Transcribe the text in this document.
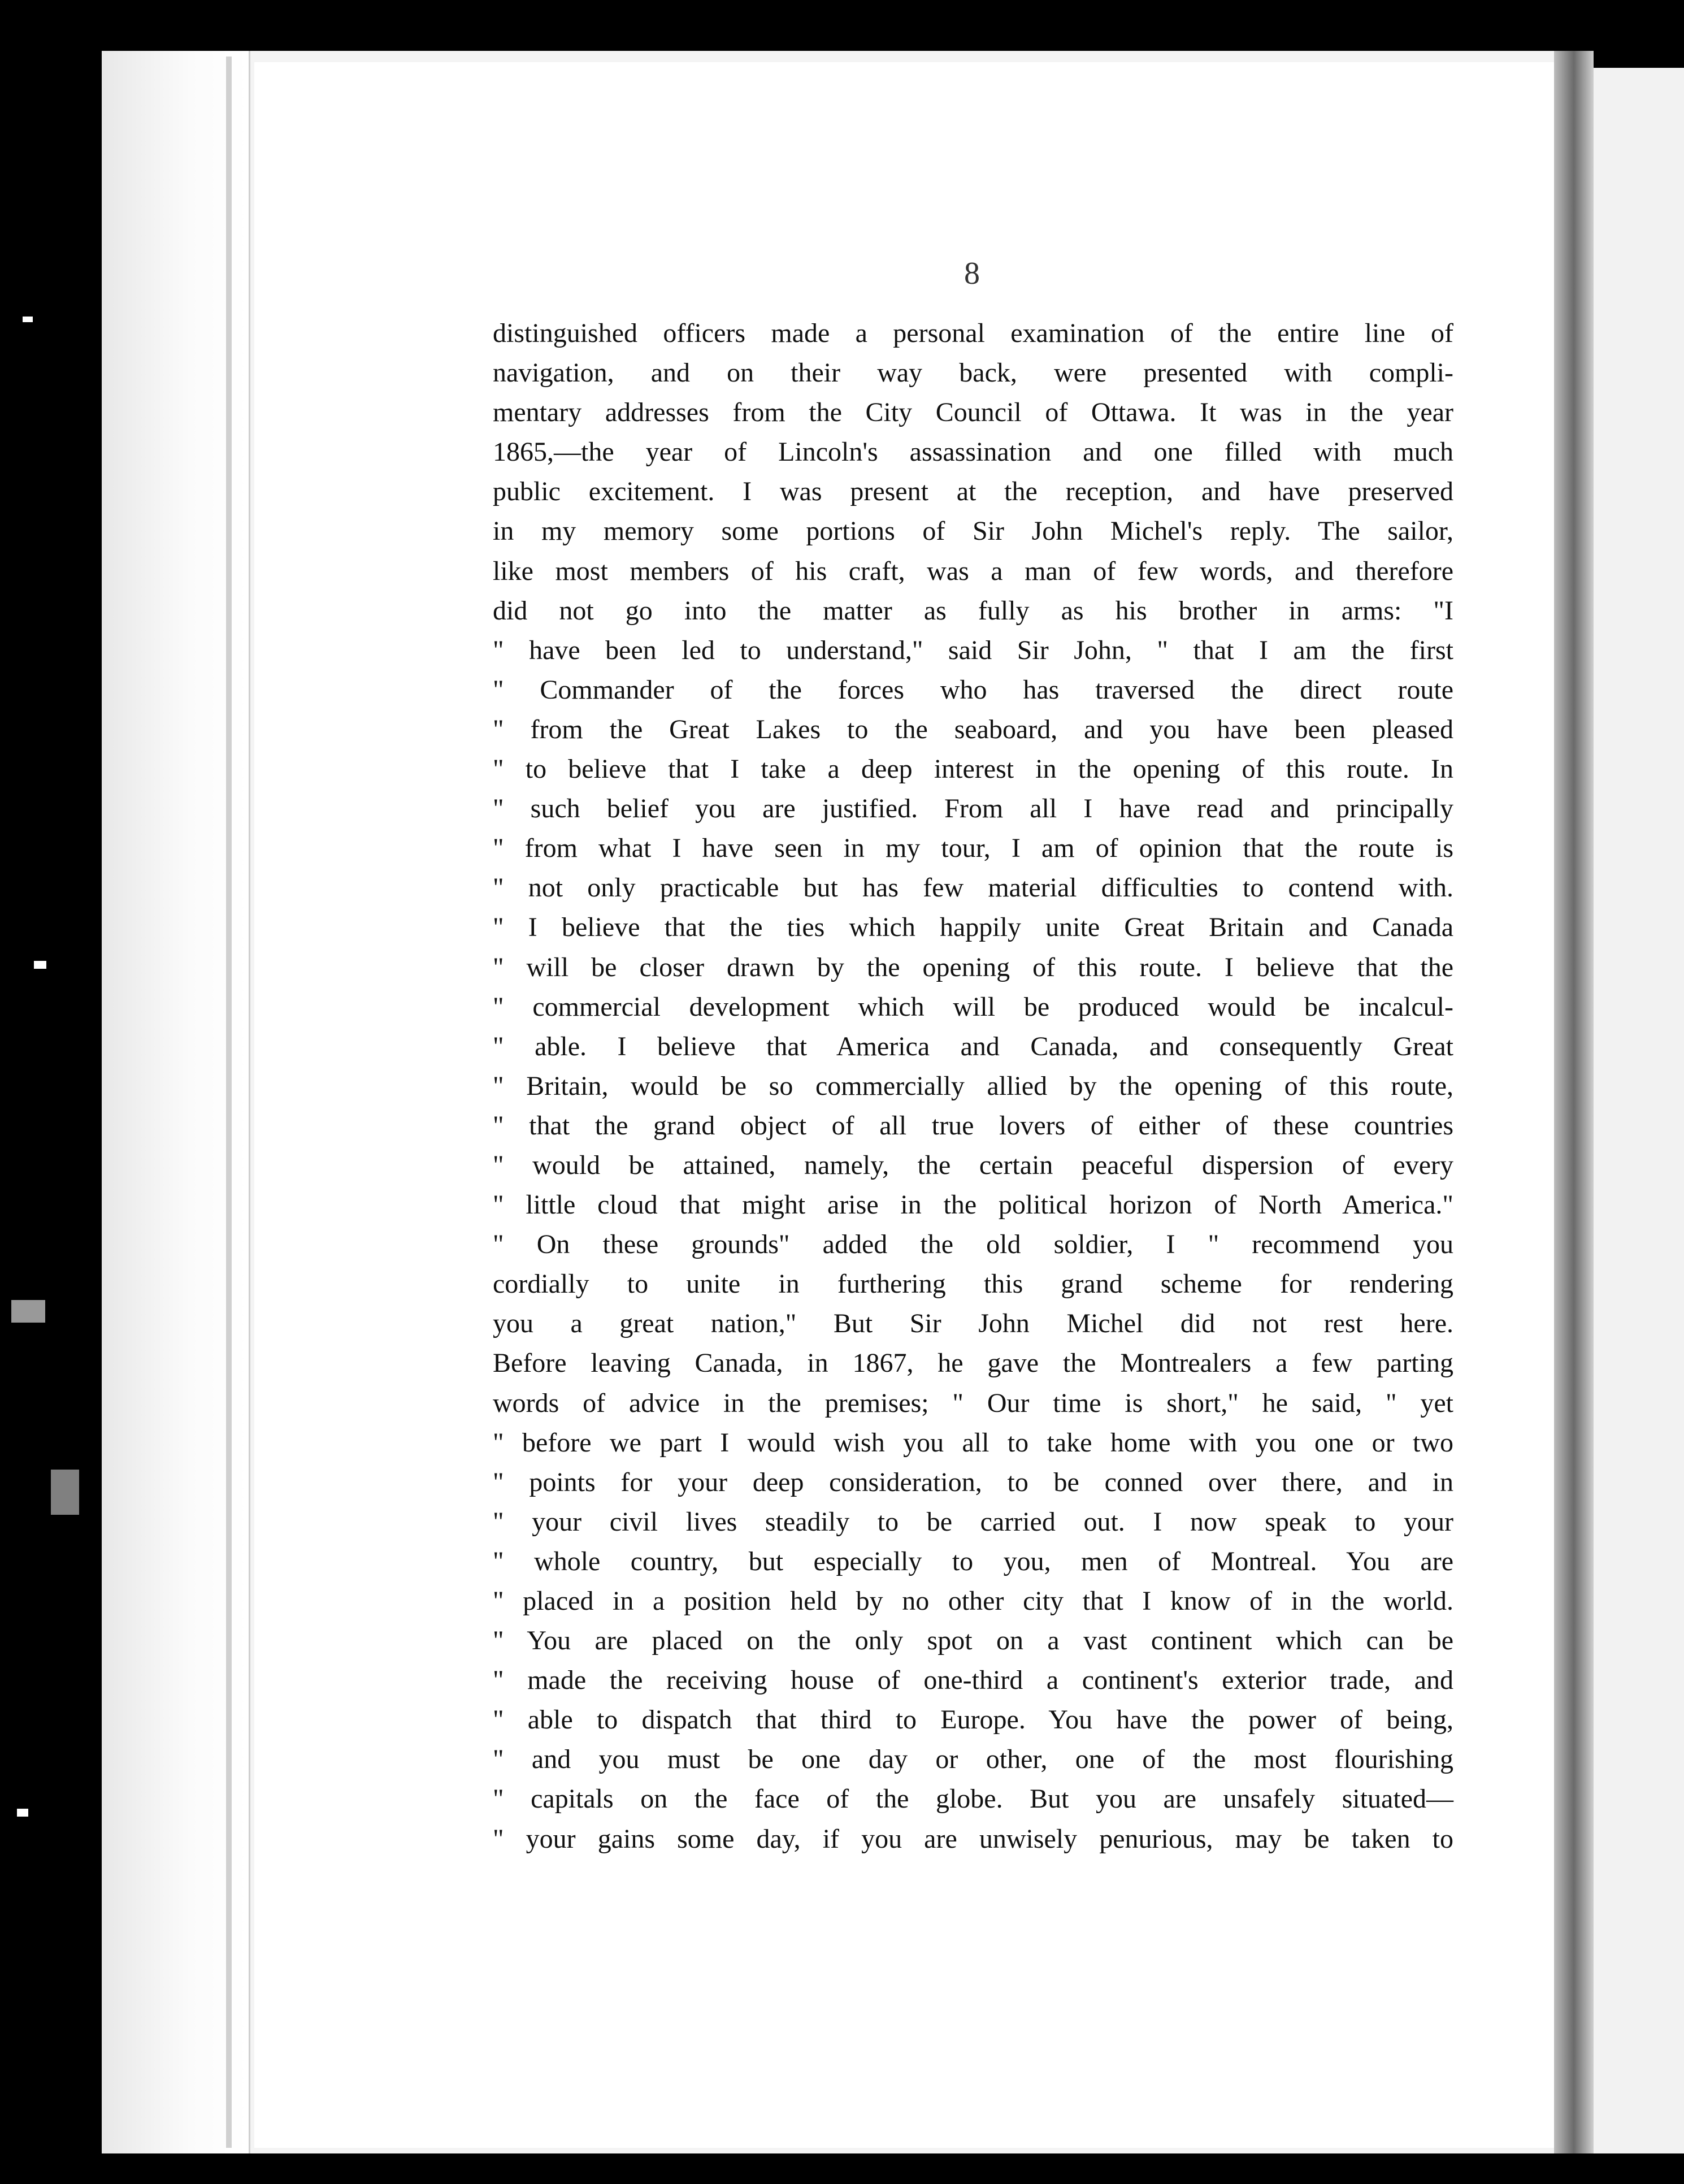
8
distinguished officers made a personal examination of the entire line of
navigation, and on their way back, were presented with compli-
mentary addresses from the City Council of Ottawa. It was in the year
1865,—the year of Lincoln's assassination and one filled with much
public excitement. I was present at the reception, and have preserved
in my memory some portions of Sir John Michel's reply. The sailor,
like most members of his craft, was a man of few words, and therefore
did not go into the matter as fully as his brother in arms: "I
" have been led to understand," said Sir John, " that I am the first
" Commander of the forces who has traversed the direct route
" from the Great Lakes to the seaboard, and you have been pleased
" to believe that I take a deep interest in the opening of this route. In
" such belief you are justified. From all I have read and principally
" from what I have seen in my tour, I am of opinion that the route is
" not only practicable but has few material difficulties to contend with.
" I believe that the ties which happily unite Great Britain and Canada
" will be closer drawn by the opening of this route. I believe that the
" commercial development which will be produced would be incalcul-
" able. I believe that America and Canada, and consequently Great
" Britain, would be so commercially allied by the opening of this route,
" that the grand object of all true lovers of either of these countries
" would be attained, namely, the certain peaceful dispersion of every
" little cloud that might arise in the political horizon of North America."
" On these grounds" added the old soldier, I " recommend you
cordially to unite in furthering this grand scheme for rendering
you a great nation," But Sir John Michel did not rest here.
Before leaving Canada, in 1867, he gave the Montrealers a few parting
words of advice in the premises; " Our time is short," he said, " yet
" before we part I would wish you all to take home with you one or two
" points for your deep consideration, to be conned over there, and in
" your civil lives steadily to be carried out. I now speak to your
" whole country, but especially to you, men of Montreal. You are
" placed in a position held by no other city that I know of in the world.
" You are placed on the only spot on a vast continent which can be
" made the receiving house of one-third a continent's exterior trade, and
" able to dispatch that third to Europe. You have the power of being,
" and you must be one day or other, one of the most flourishing
" capitals on the face of the globe. But you are unsafely situated—
" your gains some day, if you are unwisely penurious, may be taken to
